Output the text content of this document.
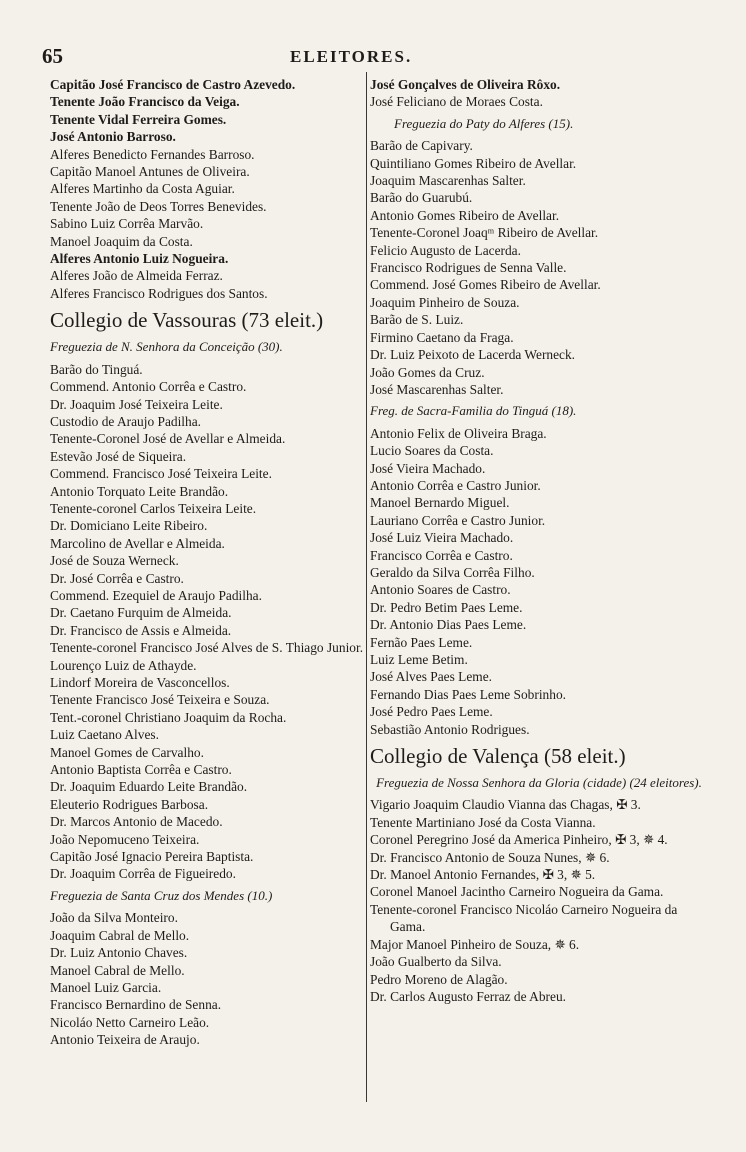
65	ELEITORES.
Capitão José Francisco de Castro Azevedo.
Tenente João Francisco da Veiga.
Tenente Vidal Ferreira Gomes.
José Antonio Barroso.
Alferes Benedicto Fernandes Barroso.
Capitão Manoel Antunes de Oliveira.
Alferes Martinho da Costa Aguiar.
Tenente João de Deos Torres Benevides.
Sabino Luiz Corrêa Marvão.
Manoel Joaquim da Costa.
Alferes Antonio Luiz Nogueira.
Alferes João de Almeida Ferraz.
Alferes Francisco Rodrigues dos Santos.
Collegio de Vassouras (73 eleit.)
Freguezia de N. Senhora da Conceição (30).
Barão do Tinguá.
Commend. Antonio Corrêa e Castro.
Dr. Joaquim José Teixeira Leite.
Custodio de Araujo Padilha.
Tenente-Coronel José de Avellar e Almeida.
Estevão José de Siqueira.
Commend. Francisco José Teixeira Leite.
Antonio Torquato Leite Brandão.
Tenente-coronel Carlos Teixeira Leite.
Dr. Domiciano Leite Ribeiro.
Marcolino de Avellar e Almeida.
José de Souza Werneck.
Dr. José Corrêa e Castro.
Commend. Ezequiel de Araujo Padilha.
Dr. Caetano Furquim de Almeida.
Dr. Francisco de Assis e Almeida.
Tenente-coronel Francisco José Alves de S. Thiago Junior.
Lourenço Luiz de Athayde.
Lindorf Moreira de Vasconcellos.
Tenente Francisco José Teixeira e Souza.
Tent.-coronel Christiano Joaquim da Rocha.
Luiz Caetano Alves.
Manoel Gomes de Carvalho.
Antonio Baptista Corrêa e Castro.
Dr. Joaquim Eduardo Leite Brandão.
Eleuterio Rodrigues Barbosa.
Dr. Marcos Antonio de Macedo.
João Nepomuceno Teixeira.
Capitão José Ignacio Pereira Baptista.
Dr. Joaquim Corrêa de Figueiredo.
Freguezia de Santa Cruz dos Mendes (10.)
João da Silva Monteiro.
Joaquim Cabral de Mello.
Dr. Luiz Antonio Chaves.
Manoel Cabral de Mello.
Manoel Luiz Garcia.
Francisco Bernardino de Senna.
Nicoláo Netto Carneiro Leão.
Antonio Teixeira de Araujo.
José Gonçalves de Oliveira Rôxo.
José Feliciano de Moraes Costa.
Freguezia do Paty do Alferes (15).
Barão de Capivary.
Quintiliano Gomes Ribeiro de Avellar.
Joaquim Mascarenhas Salter.
Barão do Guarubú.
Antonio Gomes Ribeiro de Avellar.
Tenente-Coronel Joaqᵐ Ribeiro de Avellar.
Felicio Augusto de Lacerda.
Francisco Rodrigues de Senna Valle.
Commend. José Gomes Ribeiro de Avellar.
Joaquim Pinheiro de Souza.
Barão de S. Luiz.
Firmino Caetano da Fraga.
Dr. Luiz Peixoto de Lacerda Werneck.
João Gomes da Cruz.
José Mascarenhas Salter.
Freg. de Sacra-Familia do Tinguá (18).
Antonio Felix de Oliveira Braga.
Lucio Soares da Costa.
José Vieira Machado.
Antonio Corrêa e Castro Junior.
Manoel Bernardo Miguel.
Lauriano Corrêa e Castro Junior.
José Luiz Vieira Machado.
Francisco Corrêa e Castro.
Geraldo da Silva Corrêa Filho.
Antonio Soares de Castro.
Dr. Pedro Betim Paes Leme.
Dr. Antonio Dias Paes Leme.
Fernão Paes Leme.
Luiz Leme Betim.
José Alves Paes Leme.
Fernando Dias Paes Leme Sobrinho.
José Pedro Paes Leme.
Sebastião Antonio Rodrigues.
Collegio de Valença (58 eleit.)
Freguezia de Nossa Senhora da Gloria (cidade) (24 eleitores).
Vigario Joaquim Claudio Vianna das Chagas, ✠ 3.
Tenente Martiniano José da Costa Vianna.
Coronel Peregrino José da America Pinheiro, ✠ 3, ✵ 4.
Dr. Francisco Antonio de Souza Nunes, ✵ 6.
Dr. Manoel Antonio Fernandes, ✠ 3, ✵ 5.
Coronel Manoel Jacintho Carneiro Nogueira da Gama.
Tenente-coronel Francisco Nicoláo Carneiro Nogueira da Gama.
Major Manoel Pinheiro de Souza, ✵ 6.
João Gualberto da Silva.
Pedro Moreno de Alagão.
Dr. Carlos Augusto Ferraz de Abreu.
